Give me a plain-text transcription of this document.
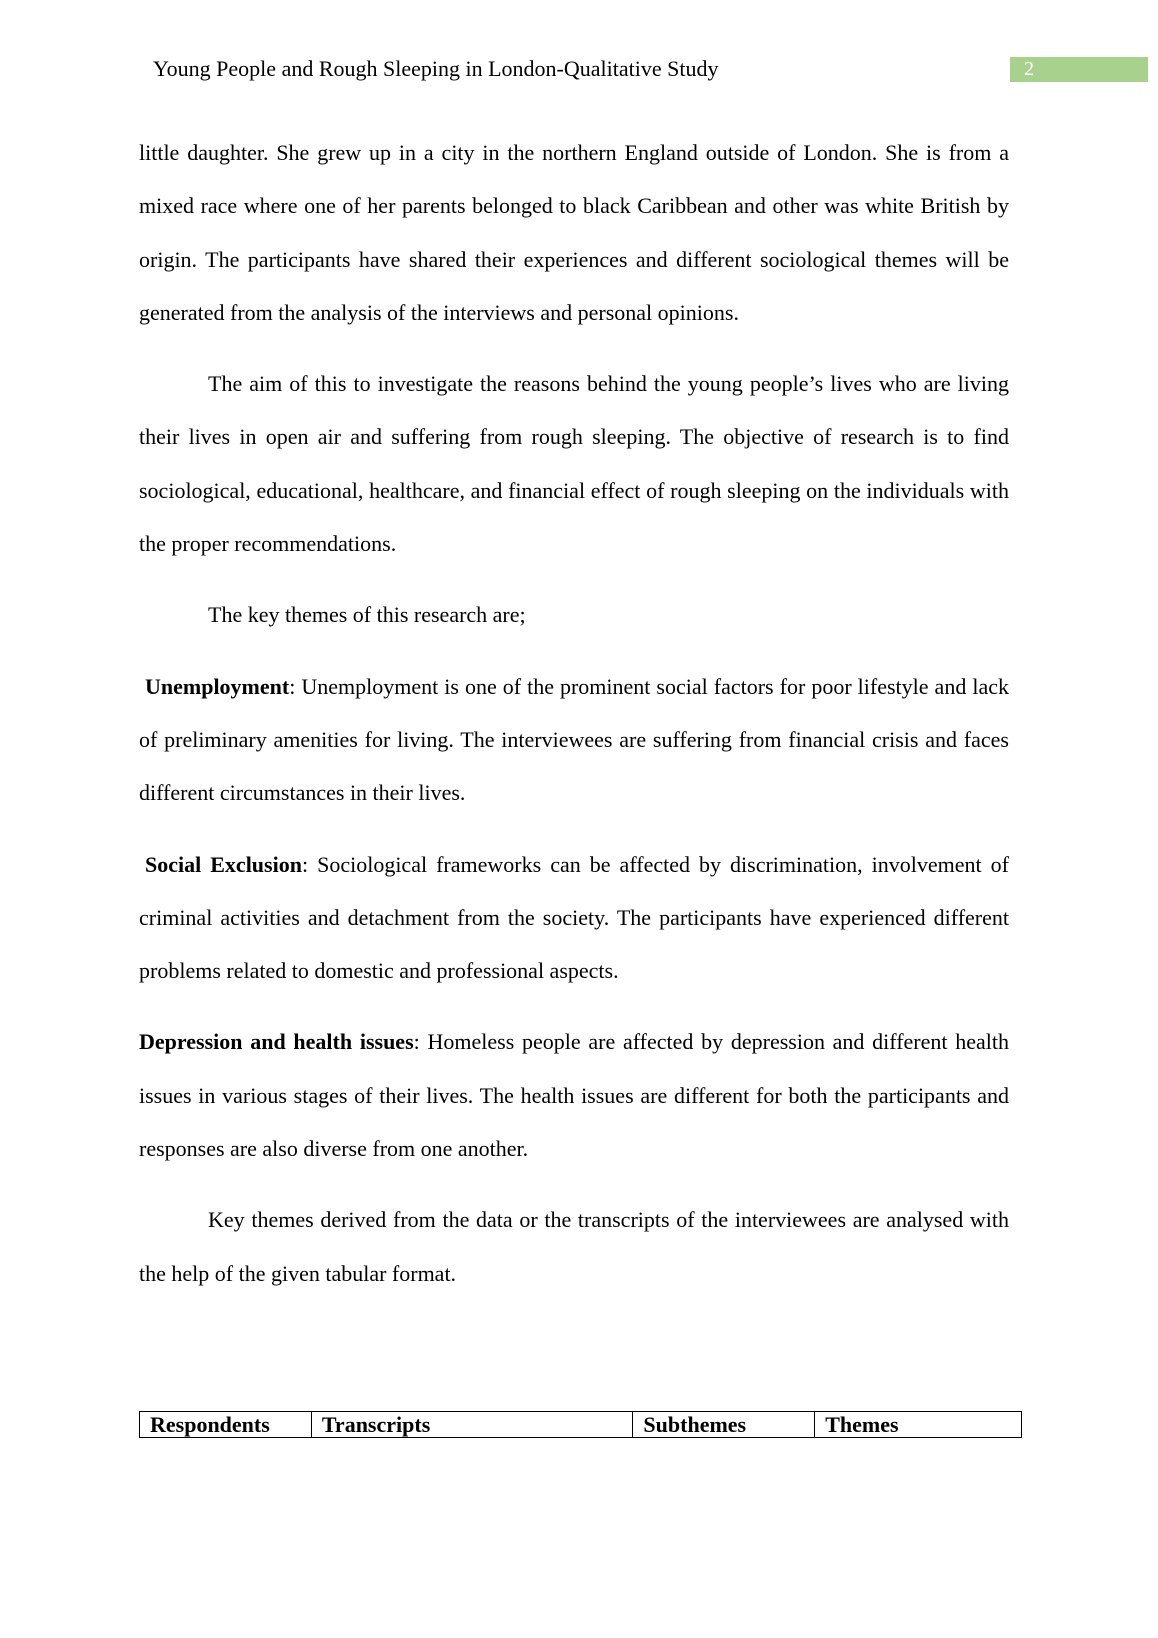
Young People and Rough Sleeping in London-Qualitative Study	2

little daughter. She grew up in a city in the northern England outside of London. She is from a mixed race where one of her parents belonged to black Caribbean and other was white British by origin. The participants have shared their experiences and different sociological themes will be generated from the analysis of the interviews and personal opinions.

The aim of this to investigate the reasons behind the young people’s lives who are living their lives in open air and suffering from rough sleeping. The objective of research is to find sociological, educational, healthcare, and financial effect of rough sleeping on the individuals with the proper recommendations.

The key themes of this research are;

Unemployment: Unemployment is one of the prominent social factors for poor lifestyle and lack of preliminary amenities for living. The interviewees are suffering from financial crisis and faces different circumstances in their lives.

Social Exclusion: Sociological frameworks can be affected by discrimination, involvement of criminal activities and detachment from the society. The participants have experienced different problems related to domestic and professional aspects.

Depression and health issues: Homeless people are affected by depression and different health issues in various stages of their lives. The health issues are different for both the participants and responses are also diverse from one another.

Key themes derived from the data or the transcripts of the interviewees are analysed with the help of the given tabular format.

Respondents	Transcripts	Subthemes	Themes
